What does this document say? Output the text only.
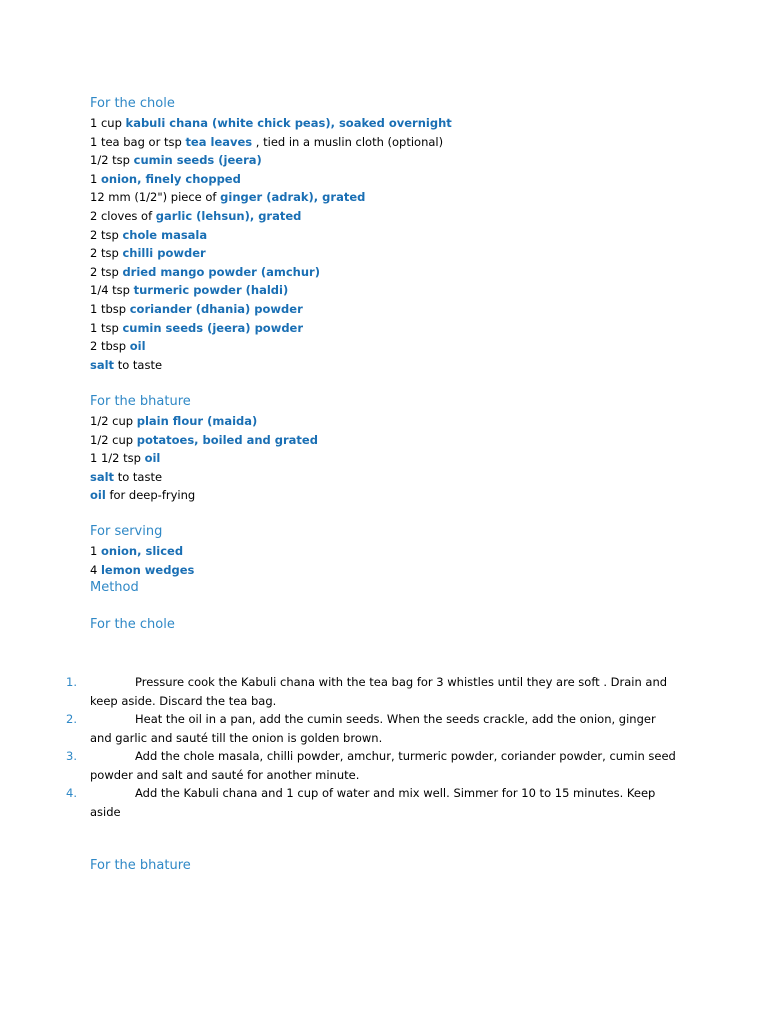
For the chole
1 cup kabuli chana (white chick peas), soaked overnight
1 tea bag or tsp tea leaves , tied in a muslin cloth (optional)
1/2 tsp cumin seeds (jeera)
1 onion, finely chopped
12 mm (1/2") piece of ginger (adrak), grated
2 cloves of garlic (lehsun), grated
2 tsp chole masala
2 tsp chilli powder
2 tsp dried mango powder (amchur)
1/4 tsp turmeric powder (haldi)
1 tbsp coriander (dhania) powder
1 tsp cumin seeds (jeera) powder
2 tbsp oil
salt to taste
For the bhature
1/2 cup plain flour (maida)
1/2 cup potatoes, boiled and grated
1 1/2 tsp oil
salt to taste
oil for deep-frying
For serving
1 onion, sliced
4 lemon wedges
Method
For the chole
1.	Pressure cook the Kabuli chana with the tea bag for 3 whistles until they are soft . Drain and keep aside. Discard the tea bag.
2.	Heat the oil in a pan, add the cumin seeds. When the seeds crackle, add the onion, ginger and garlic and sauté till the onion is golden brown.
3.	Add the chole masala, chilli powder, amchur, turmeric powder, coriander powder, cumin seed powder and salt and sauté for another minute.
4.	Add the Kabuli chana and 1 cup of water and mix well. Simmer for 10 to 15 minutes. Keep aside
For the bhature
